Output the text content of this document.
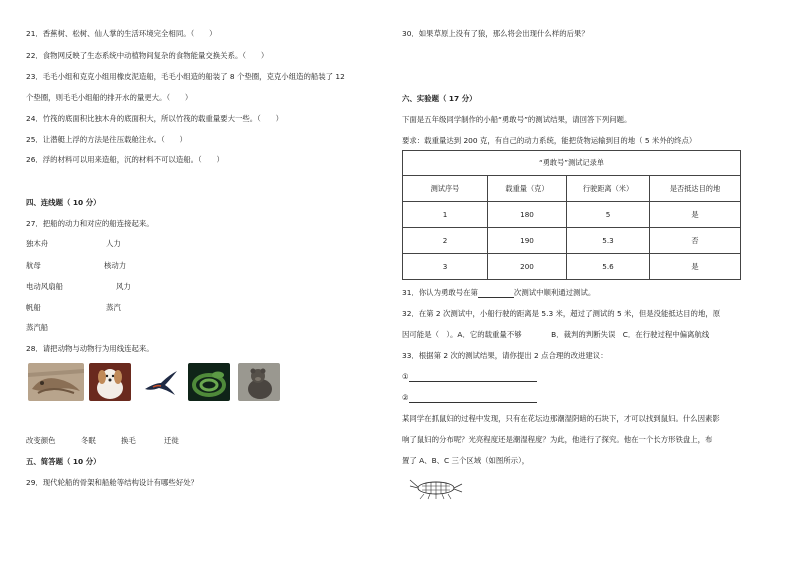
21．香蕉树、松树、仙人掌的生活环境完全相同。（　　）
22．食物网反映了生态系统中动植物间复杂的食物能量交换关系。（　　）
23．毛毛小组和克克小组用橡皮泥造船，毛毛小组造的船装了 8 个垫圈，克克小组造的船装了 12
个垫圈，则毛毛小组船的排开水的量更大。（　　）
24．竹筏的底面积比独木舟的底面积大，所以竹筏的载重量要大一些。（　　）
25．让潜艇上浮的方法是往压载舱注水。（　　）
26．浮的材料可以用来造船，沉的材料不可以造船。（　　）
四、连线题（ 10 分）
27．把船的动力和对应的船连接起来。
独木舟	人力
航母	核动力
电动风扇船	风力
帆船	蒸汽
蒸汽船
28．请把动物与动物行为用线连起来。
改变颜色	冬眠	换毛	迁徙
五、简答题（ 10 分）
29．现代轮船的骨架和船舱等结构设计有哪些好处？
30．如果草原上没有了狼，那么将会出现什么样的后果？
六、实验题（ 17 分）
下面是五年级同学制作的小船“勇敢号”的测试结果，请回答下列问题。
要求：载重量达到 200 克，有自己的动力系统，能把货物运输到目的地（ 5 米外的终点）
“勇敢号”测试记录单			
测试序号	载重量（克）	行驶距离（米）	是否抵达目的地
1	180	5	是
2	190	5.3	否
3	200	5.6	是
31．你认为勇敢号在第	次测试中顺利通过测试。
32．在第 2 次测试中，小船行驶的距离是 5.3 米，超过了测试的 5 米，但是没能抵达目的地，原
因可能是（　）。A．它的载重量不够　　　　B．裁判的判断失误　C．在行驶过程中偏离航线
33．根据第 2 次的测试结果，请你提出 2 点合理的改进建议：
①
②
某同学在抓鼠妇的过程中发现，只有在花坛边那潮湿阴暗的石块下，才可以找到鼠妇。什么因素影
响了鼠妇的分布呢？光亮程度还是潮湿程度？为此，他进行了探究。他在一个长方形铁盘上，布
置了 A、B、C 三个区域（如图所示），
